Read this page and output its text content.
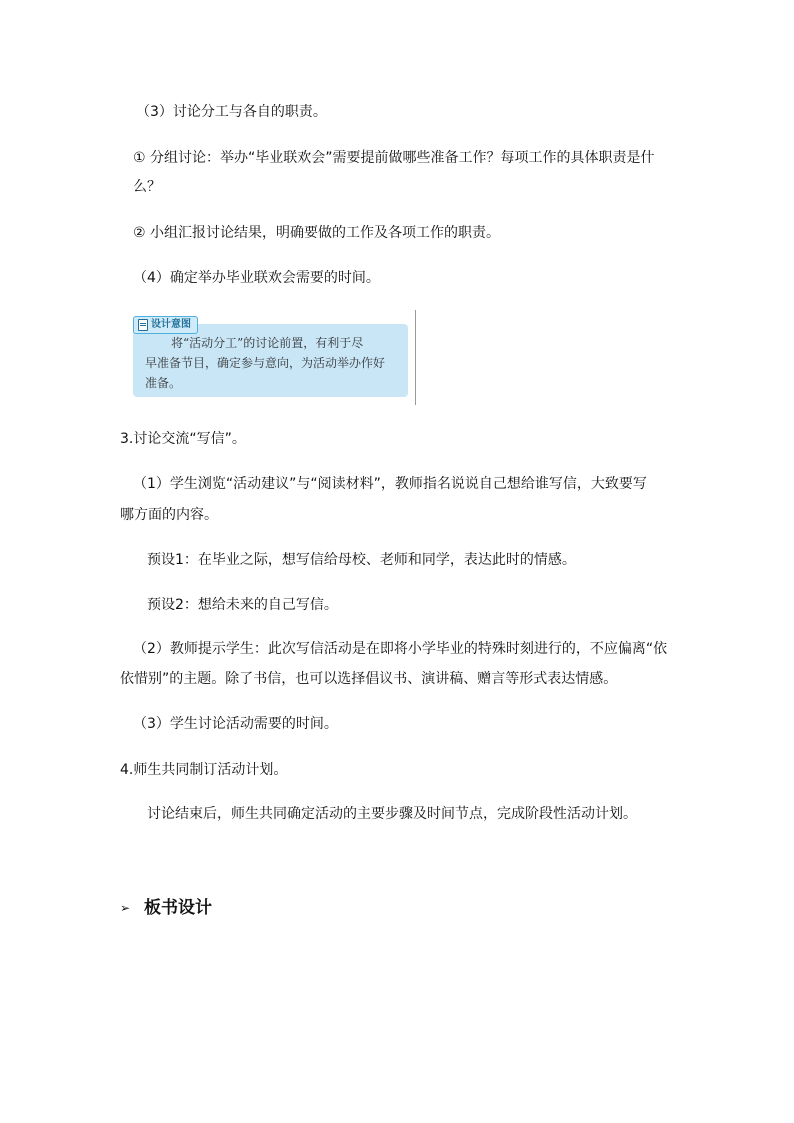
（3）讨论分工与各自的职责。
① 分组讨论：举办“毕业联欢会”需要提前做哪些准备工作？每项工作的具体职责是什
么？
② 小组汇报讨论结果，明确要做的工作及各项工作的职责。
（4）确定举办毕业联欢会需要的时间。
设计意图
将“活动分工”的讨论前置，有利于尽
早准备节目，确定参与意向，为活动举办作好
准备。
3.讨论交流“写信”。
（1）学生浏览“活动建议”与“阅读材料”，教师指名说说自己想给谁写信，大致要写
哪方面的内容。
预设1：在毕业之际，想写信给母校、老师和同学，表达此时的情感。
预设2：想给未来的自己写信。
（2）教师提示学生：此次写信活动是在即将小学毕业的特殊时刻进行的，不应偏离“依
依惜别”的主题。除了书信，也可以选择倡议书、演讲稿、赠言等形式表达情感。
（3）学生讨论活动需要的时间。
4.师生共同制订活动计划。
讨论结束后，师生共同确定活动的主要步骤及时间节点，完成阶段性活动计划。
➢ 板书设计
